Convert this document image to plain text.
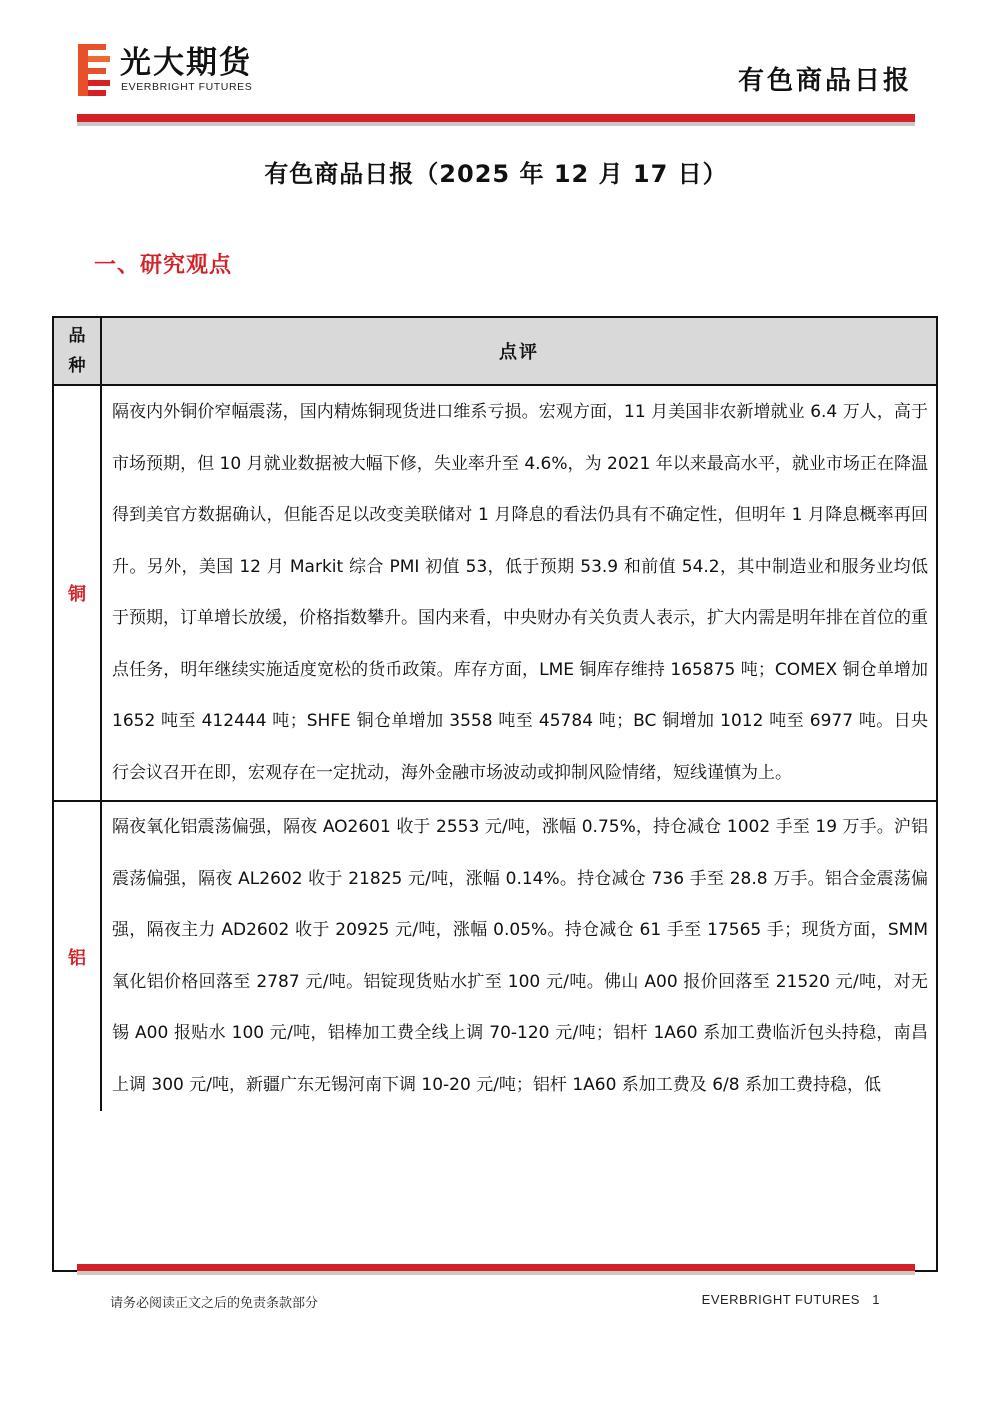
光大期货
EVERBRIGHT FUTURES	有色商品日报
有色商品日报（2025 年 12 月 17 日）
一、研究观点
品
种
点评
铜
隔夜内外铜价窄幅震荡，国内精炼铜现货进口维系亏损。宏观方面，11 月美国非农新增就业 6.4 万人，高于市场预期，但 10 月就业数据被大幅下修，失业率升至 4.6%，为 2021 年以来最高水平，就业市场正在降温得到美官方数据确认，但能否足以改变美联储对 1 月降息的看法仍具有不确定性，但明年 1 月降息概率再回升。另外，美国 12 月 Markit 综合 PMI 初值 53，低于预期 53.9 和前值 54.2，其中制造业和服务业均低于预期，订单增长放缓，价格指数攀升。国内来看，中央财办有关负责人表示，扩大内需是明年排在首位的重点任务，明年继续实施适度宽松的货币政策。库存方面，LME 铜库存维持 165875 吨；COMEX 铜仓单增加 1652 吨至 412444 吨；SHFE 铜仓单增加 3558 吨至 45784 吨；BC 铜增加 1012 吨至 6977 吨。日央行会议召开在即，宏观存在一定扰动，海外金融市场波动或抑制风险情绪，短线谨慎为上。
铝
隔夜氧化铝震荡偏强，隔夜 AO2601 收于 2553 元/吨，涨幅 0.75%，持仓减仓 1002 手至 19 万手。沪铝震荡偏强，隔夜 AL2602 收于 21825 元/吨，涨幅 0.14%。持仓减仓 736 手至 28.8 万手。铝合金震荡偏强，隔夜主力 AD2602 收于 20925 元/吨，涨幅 0.05%。持仓减仓 61 手至 17565 手；现货方面，SMM 氧化铝价格回落至 2787 元/吨。铝锭现货贴水扩至 100 元/吨。佛山 A00 报价回落至 21520 元/吨，对无锡 A00 报贴水 100 元/吨，铝棒加工费全线上调 70-120 元/吨；铝杆 1A60 系加工费临沂包头持稳，南昌上调 300 元/吨，新疆广东无锡河南下调 10-20 元/吨；铝杆 1A60 系加工费及 6/8 系加工费持稳，低
请务必阅读正文之后的免责条款部分	EVERBRIGHT FUTURES   1
